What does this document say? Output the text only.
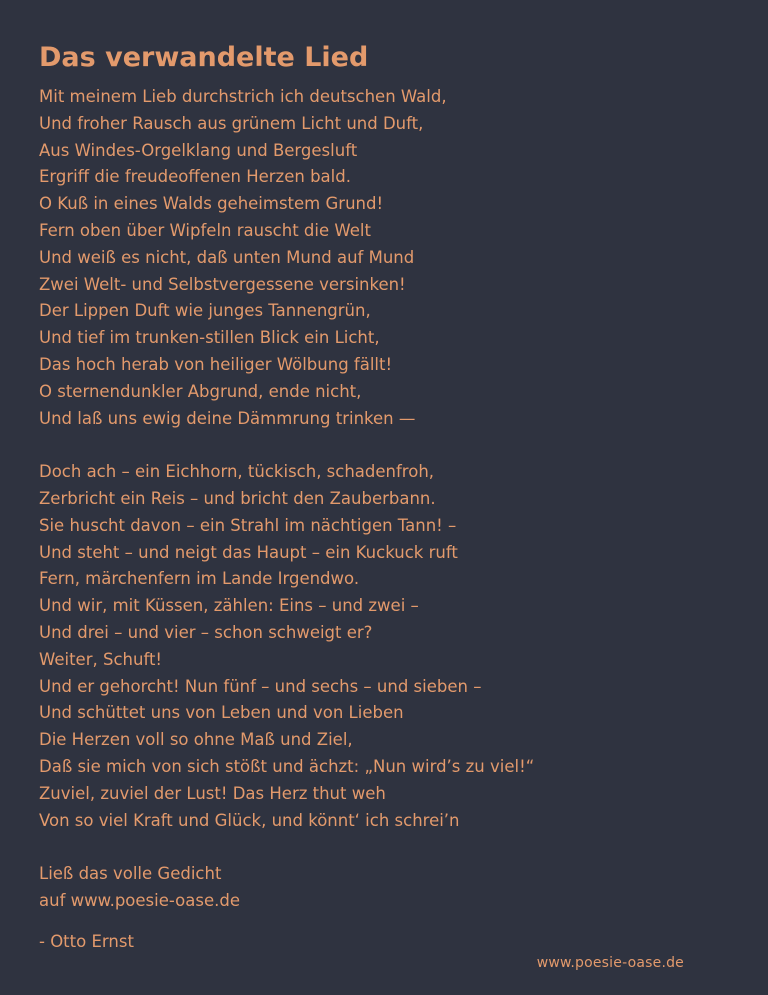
Das verwandelte Lied
Mit meinem Lieb durchstrich ich deutschen Wald,
Und froher Rausch aus grünem Licht und Duft,
Aus Windes-Orgelklang und Bergesluft
Ergriff die freudeoffenen Herzen bald.
O Kuß in eines Walds geheimstem Grund!
Fern oben über Wipfeln rauscht die Welt
Und weiß es nicht, daß unten Mund auf Mund
Zwei Welt- und Selbstvergessene versinken!
Der Lippen Duft wie junges Tannengrün,
Und tief im trunken-stillen Blick ein Licht,
Das hoch herab von heiliger Wölbung fällt!
O sternendunkler Abgrund, ende nicht,
Und laß uns ewig deine Dämmrung trinken —
Doch ach – ein Eichhorn, tückisch, schadenfroh,
Zerbricht ein Reis – und bricht den Zauberbann.
Sie huscht davon – ein Strahl im nächtigen Tann! –
Und steht – und neigt das Haupt – ein Kuckuck ruft
Fern, märchenfern im Lande Irgendwo.
Und wir, mit Küssen, zählen: Eins – und zwei –
Und drei – und vier – schon schweigt er?
Weiter, Schuft!
Und er gehorcht! Nun fünf – und sechs – und sieben –
Und schüttet uns von Leben und von Lieben
Die Herzen voll so ohne Maß und Ziel,
Daß sie mich von sich stößt und ächzt: „Nun wird’s zu viel!“
Zuviel, zuviel der Lust! Das Herz thut weh
Von so viel Kraft und Glück, und könnt‘ ich schrei’n
Ließ das volle Gedicht
auf www.poesie-oase.de
- Otto Ernst
www.poesie-oase.de
